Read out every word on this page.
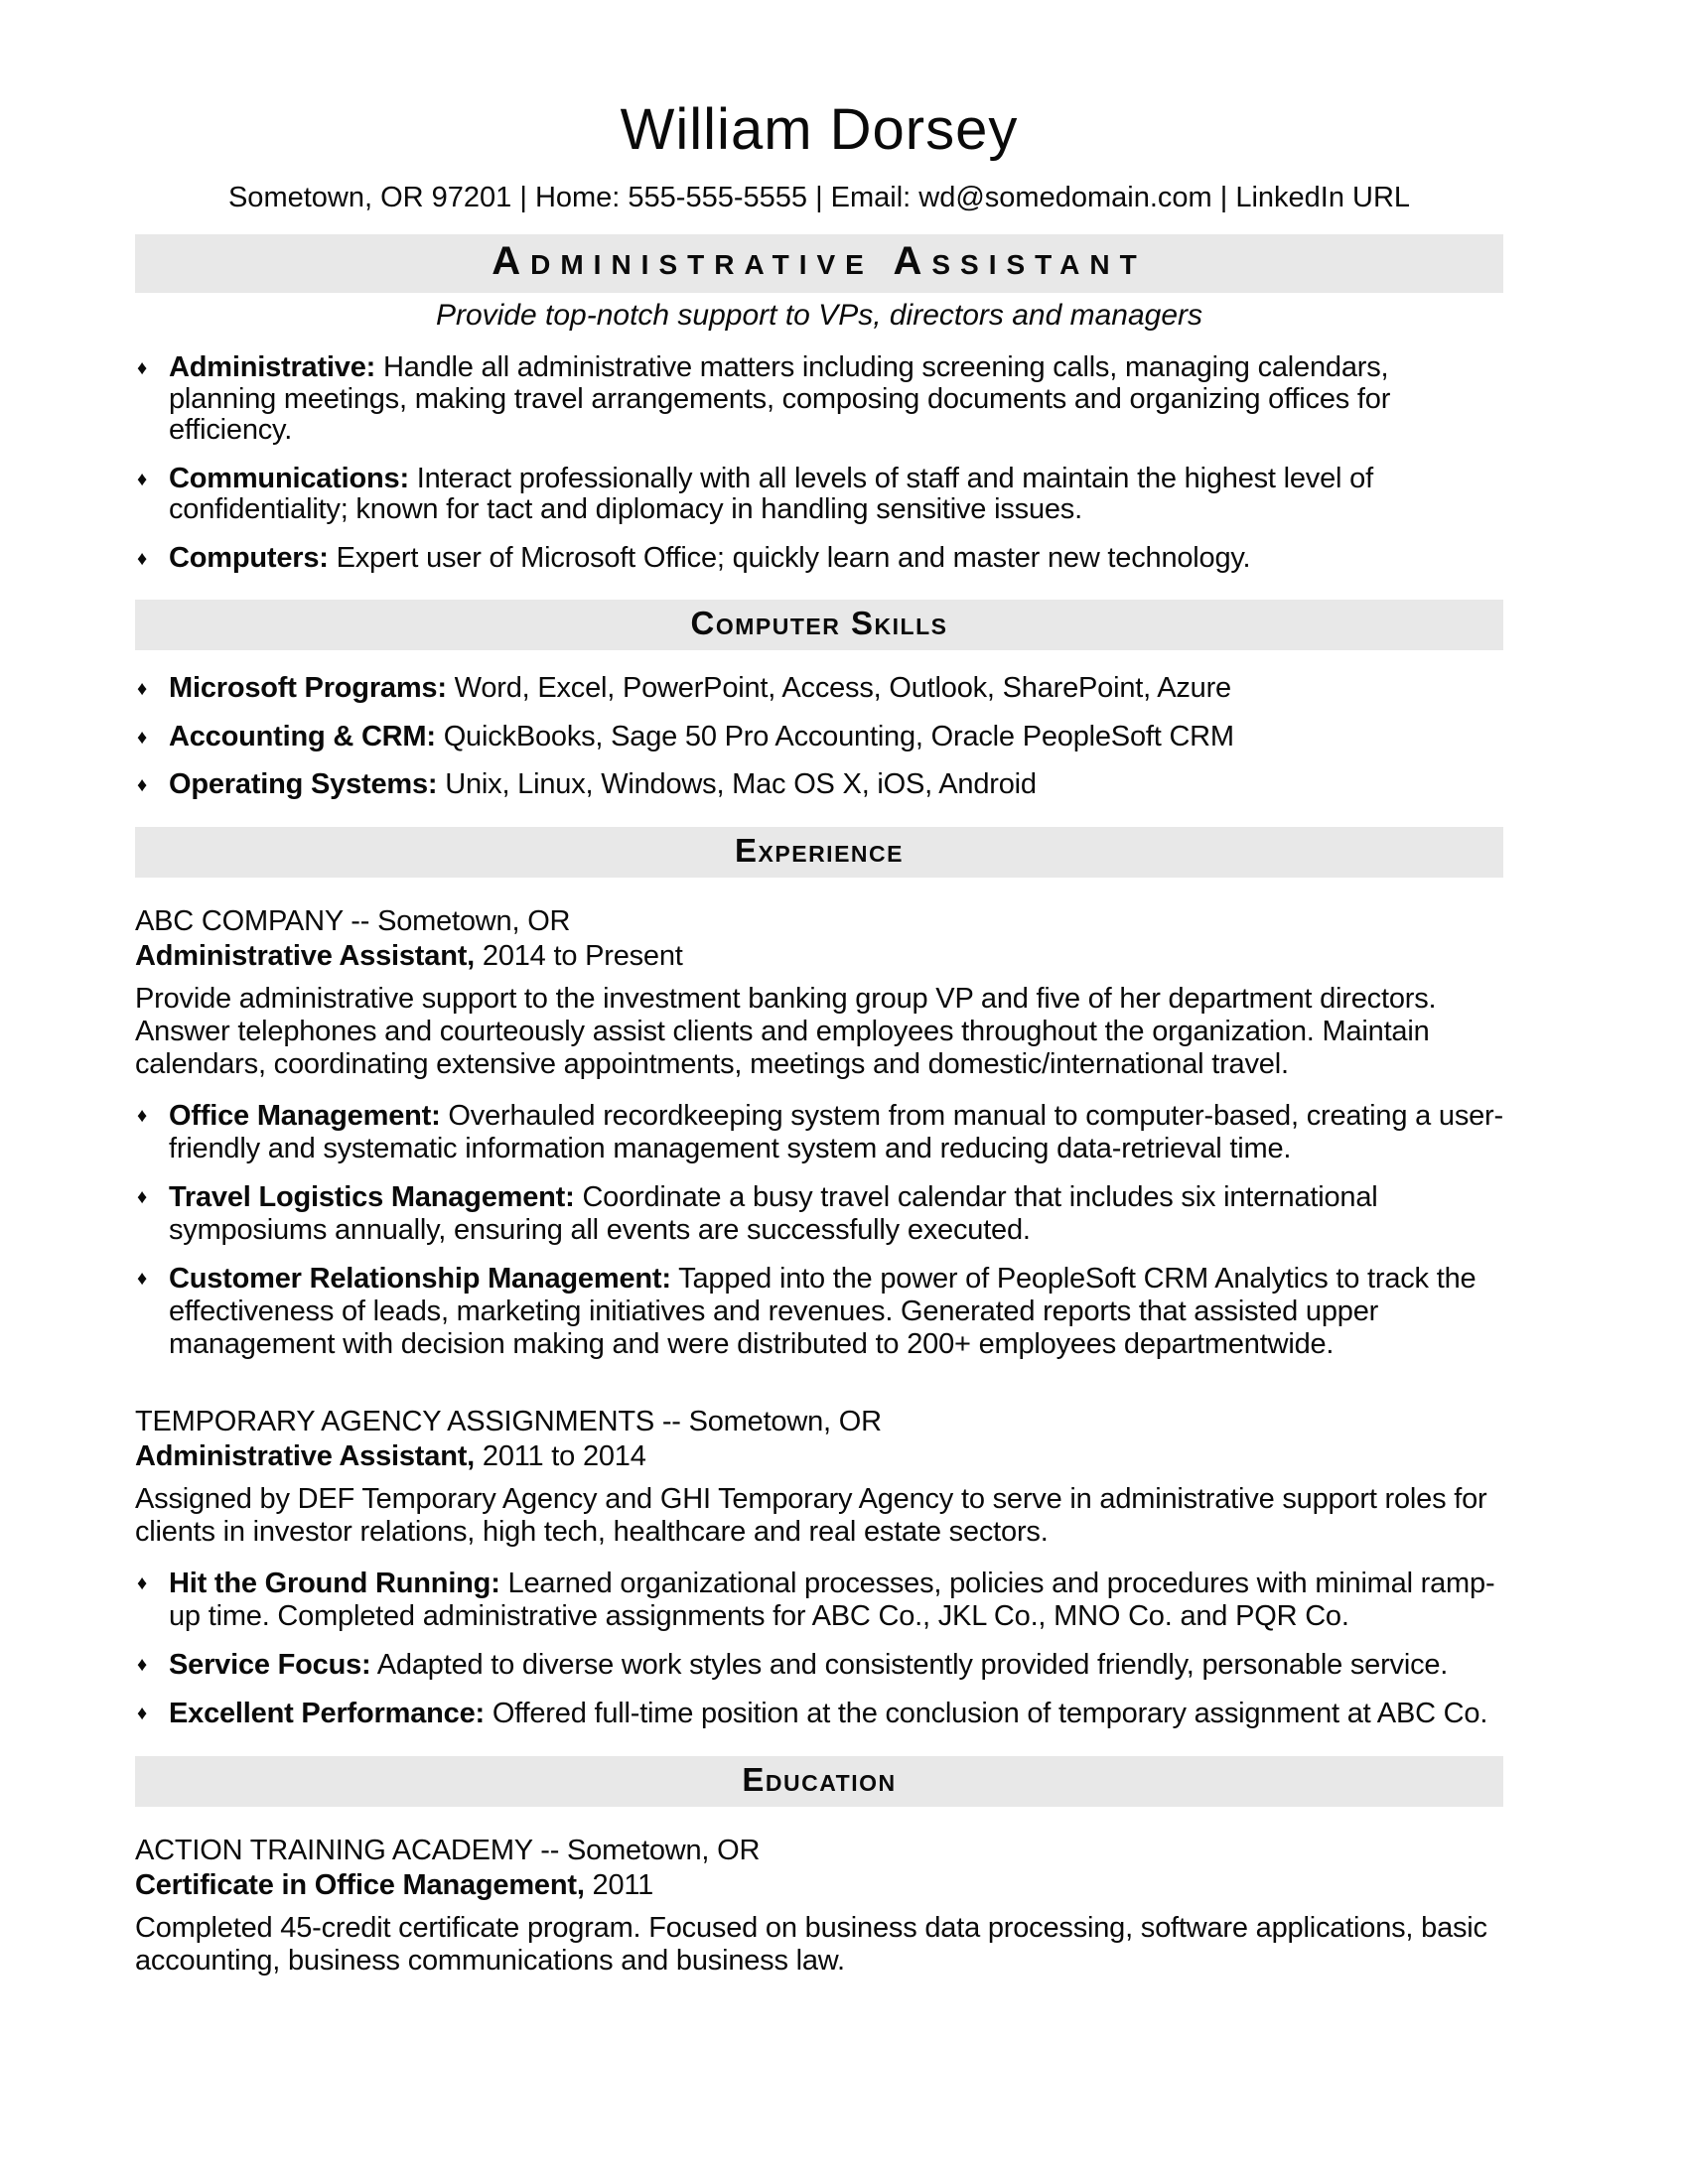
William Dorsey
Sometown, OR 97201 | Home: 555-555-5555 | Email: wd@somedomain.com | LinkedIn URL
Administrative Assistant
Provide top-notch support to VPs, directors and managers
♦ Administrative: Handle all administrative matters including screening calls, managing calendars, planning meetings, making travel arrangements, composing documents and organizing offices for efficiency.
♦ Communications: Interact professionally with all levels of staff and maintain the highest level of confidentiality; known for tact and diplomacy in handling sensitive issues.
♦ Computers: Expert user of Microsoft Office; quickly learn and master new technology.
Computer Skills
♦ Microsoft Programs: Word, Excel, PowerPoint, Access, Outlook, SharePoint, Azure
♦ Accounting & CRM: QuickBooks, Sage 50 Pro Accounting, Oracle PeopleSoft CRM
♦ Operating Systems: Unix, Linux, Windows, Mac OS X, iOS, Android
Experience
ABC COMPANY -- Sometown, OR
Administrative Assistant, 2014 to Present
Provide administrative support to the investment banking group VP and five of her department directors. Answer telephones and courteously assist clients and employees throughout the organization. Maintain calendars, coordinating extensive appointments, meetings and domestic/international travel.
♦ Office Management: Overhauled recordkeeping system from manual to computer-based, creating a user-friendly and systematic information management system and reducing data-retrieval time.
♦ Travel Logistics Management: Coordinate a busy travel calendar that includes six international symposiums annually, ensuring all events are successfully executed.
♦ Customer Relationship Management: Tapped into the power of PeopleSoft CRM Analytics to track the effectiveness of leads, marketing initiatives and revenues. Generated reports that assisted upper management with decision making and were distributed to 200+ employees departmentwide.
TEMPORARY AGENCY ASSIGNMENTS -- Sometown, OR
Administrative Assistant, 2011 to 2014
Assigned by DEF Temporary Agency and GHI Temporary Agency to serve in administrative support roles for clients in investor relations, high tech, healthcare and real estate sectors.
♦ Hit the Ground Running: Learned organizational processes, policies and procedures with minimal ramp-up time. Completed administrative assignments for ABC Co., JKL Co., MNO Co. and PQR Co.
♦ Service Focus: Adapted to diverse work styles and consistently provided friendly, personable service.
♦ Excellent Performance: Offered full-time position at the conclusion of temporary assignment at ABC Co.
Education
ACTION TRAINING ACADEMY -- Sometown, OR
Certificate in Office Management, 2011
Completed 45-credit certificate program. Focused on business data processing, software applications, basic accounting, business communications and business law.
